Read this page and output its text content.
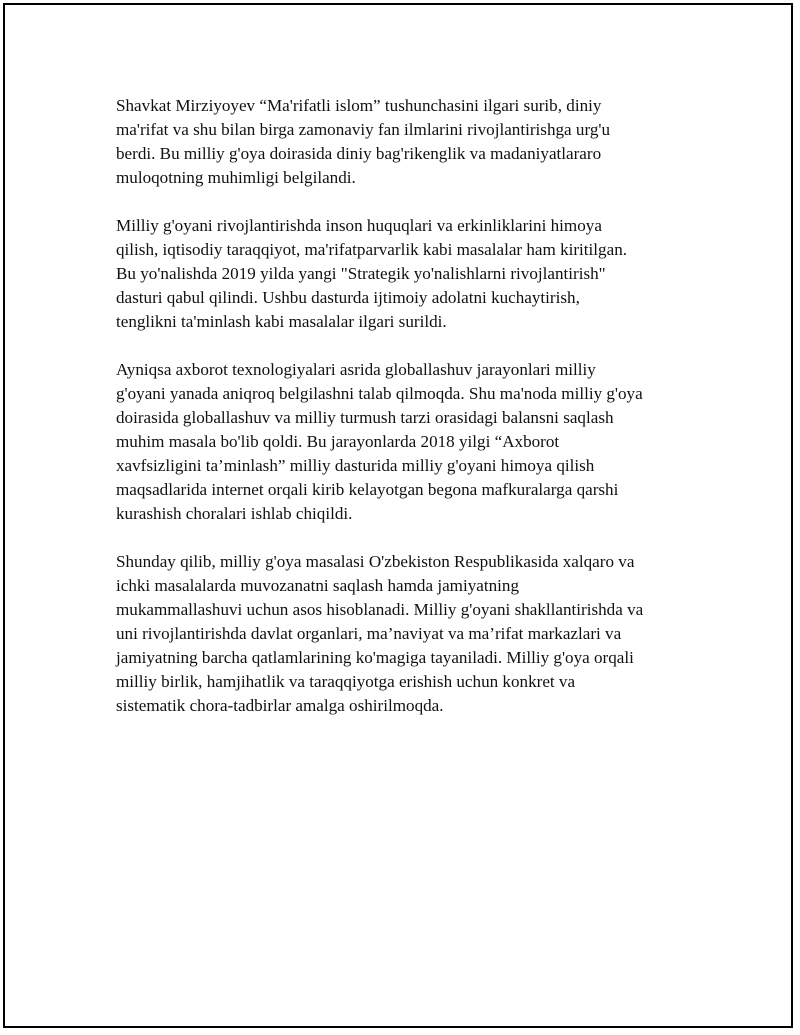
Shavkat Mirziyoyev “Ma'rifatli islom” tushunchasini ilgari surib, diniy
ma'rifat va shu bilan birga zamonaviy fan ilmlarini rivojlantirishga urg'u
berdi. Bu milliy g'oya doirasida diniy bag'rikenglik va madaniyatlararo
muloqotning muhimligi belgilandi.

Milliy g'oyani rivojlantirishda inson huquqlari va erkinliklarini himoya
qilish, iqtisodiy taraqqiyot, ma'rifatparvarlik kabi masalalar ham kiritilgan.
Bu yo'nalishda 2019 yilda yangi "Strategik yo'nalishlarni rivojlantirish"
dasturi qabul qilindi. Ushbu dasturda ijtimoiy adolatni kuchaytirish,
tenglikni ta'minlash kabi masalalar ilgari surildi.

Ayniqsa axborot texnologiyalari asrida globallashuv jarayonlari milliy
g'oyani yanada aniqroq belgilashni talab qilmoqda. Shu ma'noda milliy g'oya
doirasida globallashuv va milliy turmush tarzi orasidagi balansni saqlash
muhim masala bo'lib qoldi. Bu jarayonlarda 2018 yilgi “Axborot
xavfsizligini ta’minlash” milliy dasturida milliy g'oyani himoya qilish
maqsadlarida internet orqali kirib kelayotgan begona mafkuralarga qarshi
kurashish choralari ishlab chiqildi.

Shunday qilib, milliy g'oya masalasi O'zbekiston Respublikasida xalqaro va
ichki masalalarda muvozanatni saqlash hamda jamiyatning
mukammallashuvi uchun asos hisoblanadi. Milliy g'oyani shakllantirishda va
uni rivojlantirishda davlat organlari, ma’naviyat va ma’rifat markazlari va
jamiyatning barcha qatlamlarining ko'magiga tayaniladi. Milliy g'oya orqali
milliy birlik, hamjihatlik va taraqqiyotga erishish uchun konkret va
sistematik chora-tadbirlar amalga oshirilmoqda.
